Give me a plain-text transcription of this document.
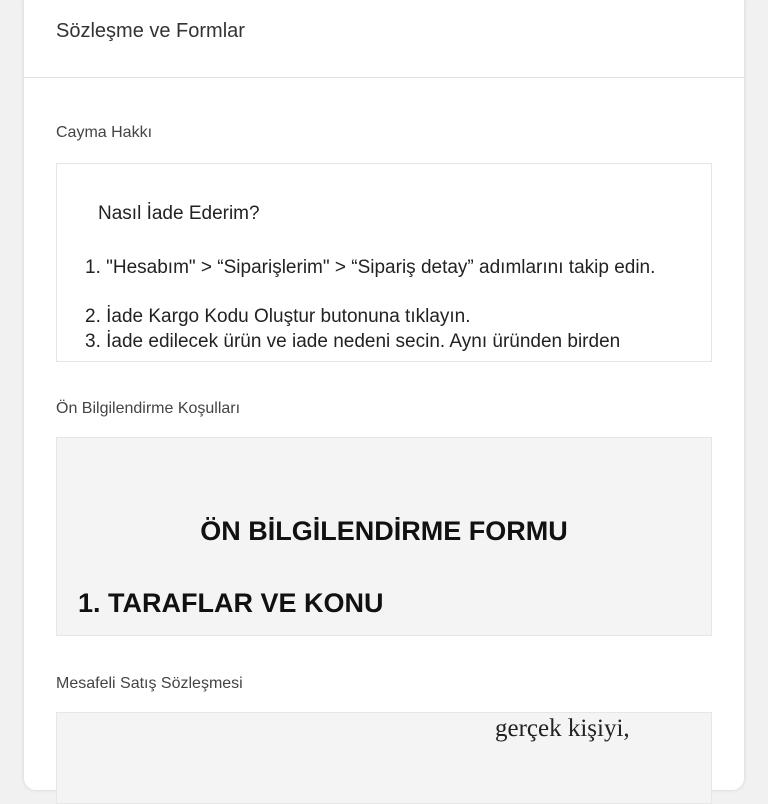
Sözleşme ve Formlar
Cayma Hakkı
Nasıl İade Ederim?
1. "Hesabım" > “Siparişlerim" > “Sipariş detay” adımlarını takip edin.
2. İade Kargo Kodu Oluştur butonuna tıklayın.
3. İade edilecek ürün ve iade nedeni secin. Aynı üründen birden
Ön Bilgilendirme Koşulları
ÖN BİLGİLENDİRME FORMU
1. TARAFLAR VE KONU
Mesafeli Satış Sözleşmesi
gerçek kişiyi,
